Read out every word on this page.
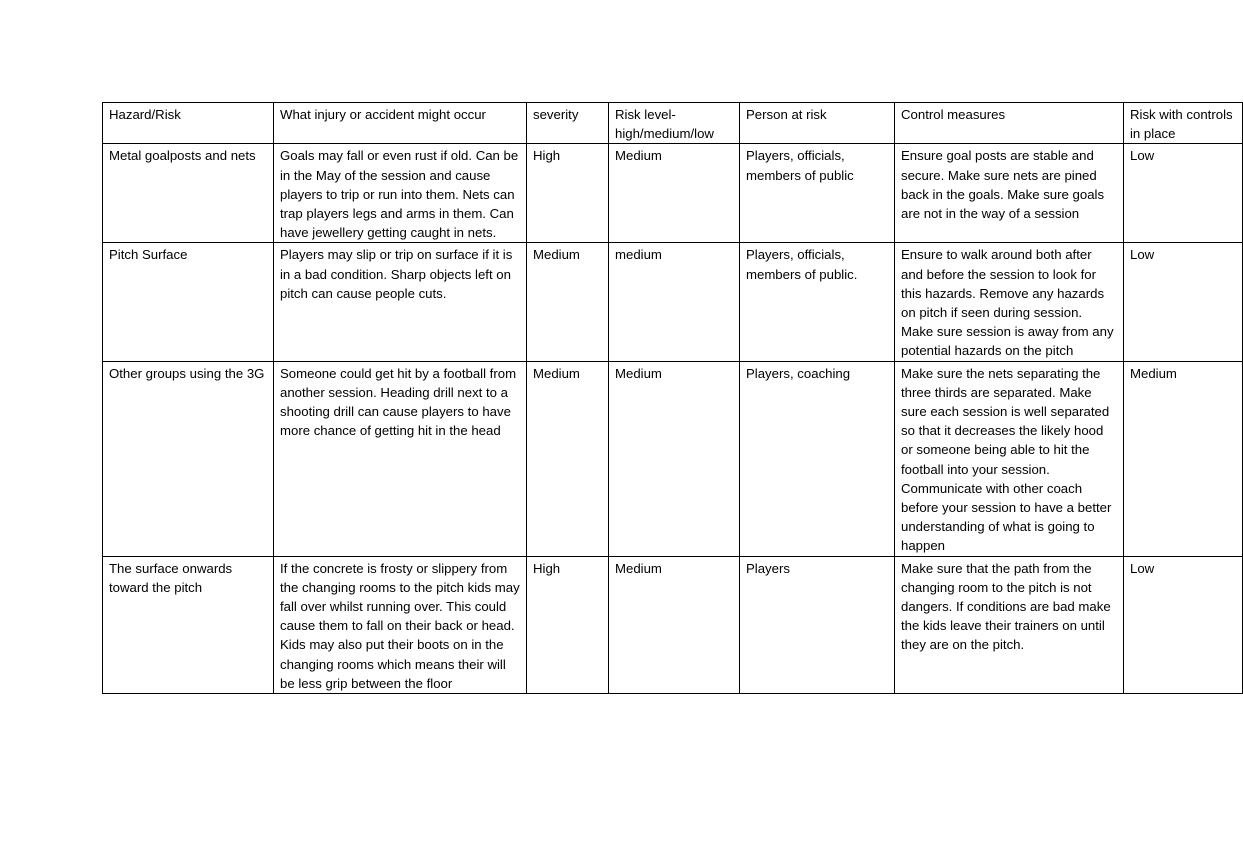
Hazard/Risk	What injury or accident might occur	severity	Risk level-high/medium/low	Person at risk	Control measures	Risk with controls in place

Metal goalposts and nets	Goals may fall or even rust if old. Can be in the May of the session and cause players to trip or run into them. Nets can trap players legs and arms in them. Can have jewellery getting caught in nets.	High	Medium	Players, officials, members of public	Ensure goal posts are stable and secure. Make sure nets are pined back in the goals. Make sure goals are not in the way of a session	Low

Pitch Surface	Players may slip or trip on surface if it is in a bad condition. Sharp objects left on pitch can cause people cuts.	Medium	medium	Players, officials, members of public.	Ensure to walk around both after and before the session to look for this hazards. Remove any hazards on pitch if seen during session. Make sure session is away from any potential hazards on the pitch	Low

Other groups using the 3G	Someone could get hit by a football from another session. Heading drill next to a shooting drill can cause players to have more chance of getting hit in the head	Medium	Medium	Players, coaching	Make sure the nets separating the three thirds are separated. Make sure each session is well separated so that it decreases the likely hood or someone being able to hit the football into your session. Communicate with other coach before your session to have a better understanding of what is going to happen	Medium

The surface onwards toward the pitch	If the concrete is frosty or slippery from the changing rooms to the pitch kids may fall over whilst running over. This could cause them to fall on their back or head. Kids may also put their boots on in the changing rooms which means their will be less grip between the floor	High	Medium	Players	Make sure that the path from the changing room to the pitch is not dangers. If conditions are bad make the kids leave their trainers on until they are on the pitch.	Low
